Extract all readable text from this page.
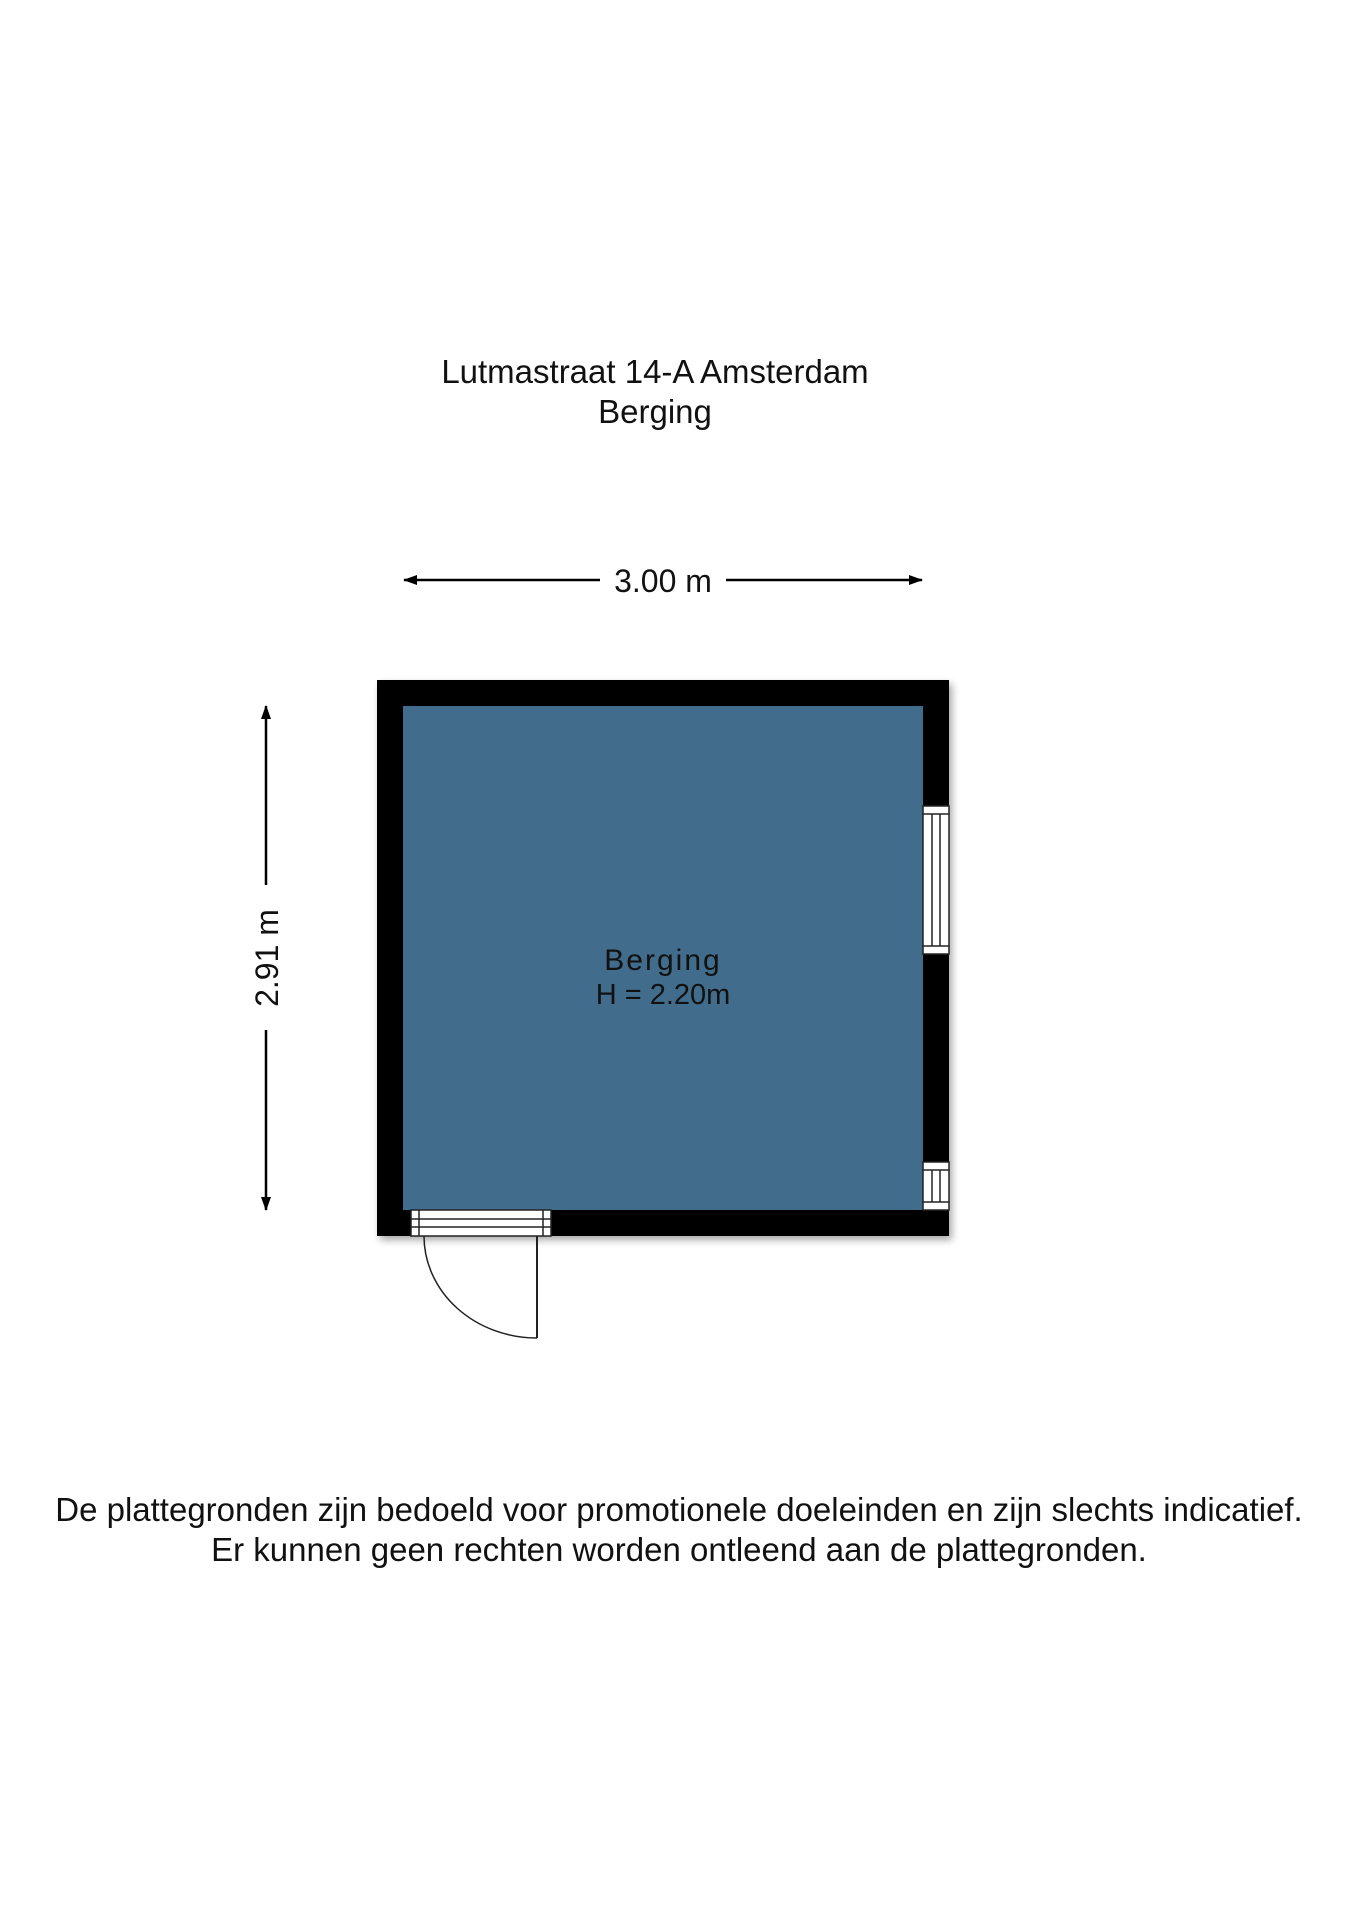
Lutmastraat 14-A Amsterdam
Berging
3.00 m
2.91 m	Berging
H = 2.20m
De plattegronden zijn bedoeld voor promotionele doeleinden en zijn slechts indicatief.
Er kunnen geen rechten worden ontleend aan de plattegronden.
